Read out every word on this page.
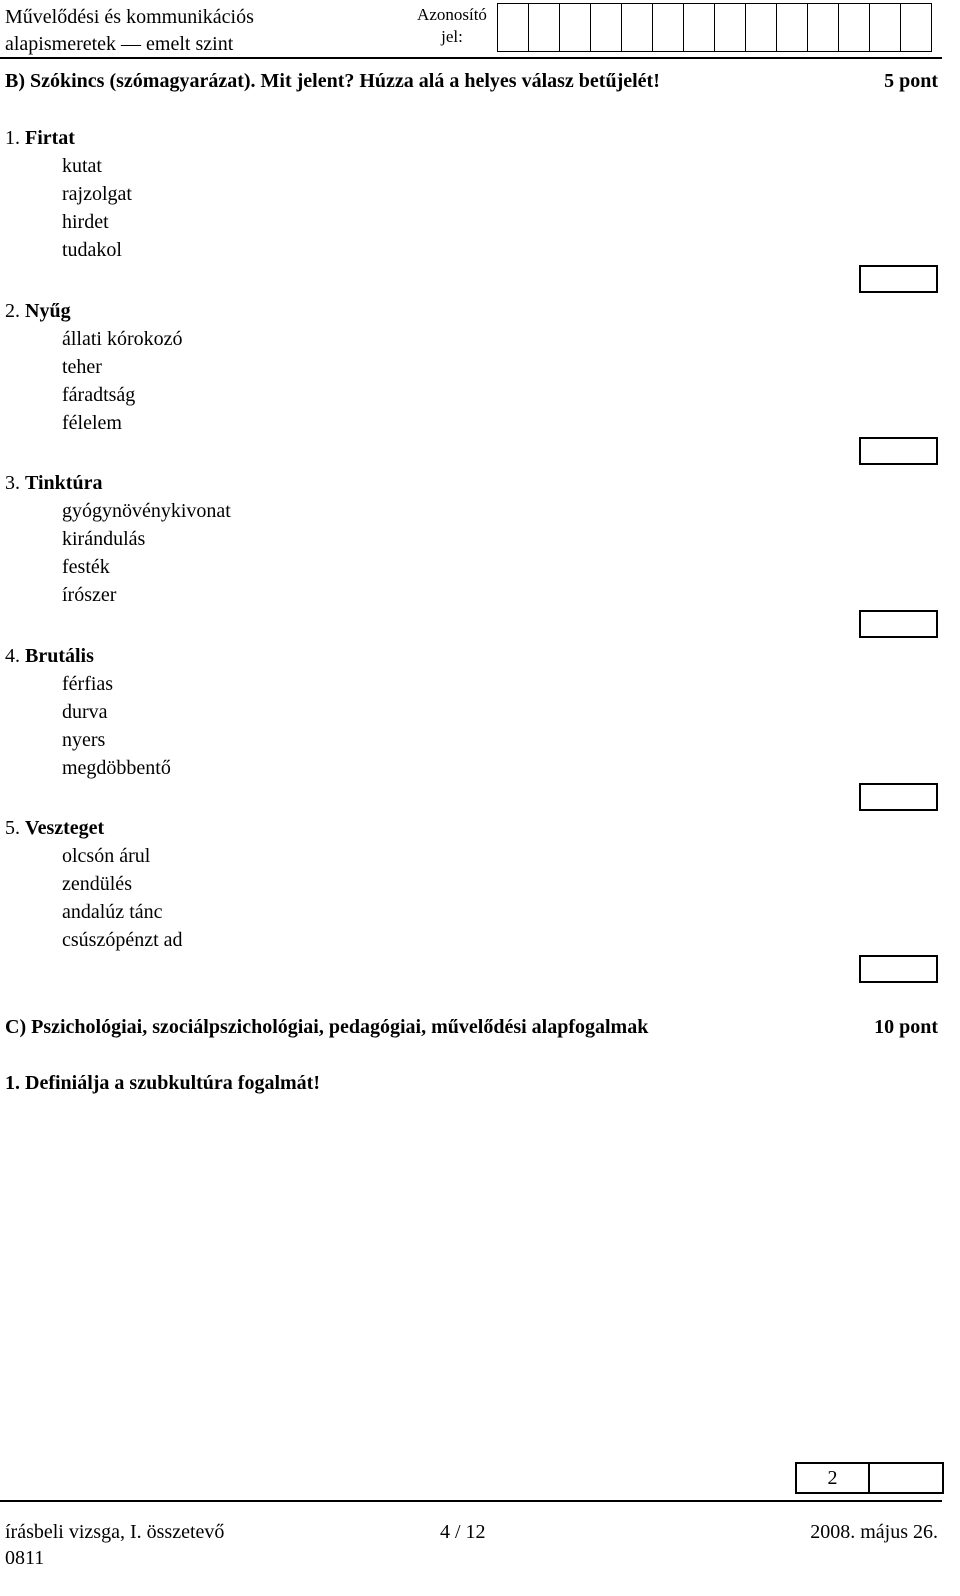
Művelődési és kommunikációs
alapismeretek — emelt szint
Azonosító
jel:
B) Szókincs (szómagyarázat). Mit jelent? Húzza alá a helyes válasz betűjelét!	5 pont
1. Firtat
kutat
rajzolgat
hirdet
tudakol
2. Nyűg
állati kórokozó
teher
fáradtság
félelem
3. Tinktúra
gyógynövénykivonat
kirándulás
festék
írószer
4. Brutális
férfias
durva
nyers
megdöbbentő
5. Veszteget
olcsón árul
zendülés
andalúz tánc
csúszópénzt ad
C) Pszichológiai, szociálpszichológiai, pedagógiai, művelődési alapfogalmak	10 pont
1. Definiálja a szubkultúra fogalmát!
2
írásbeli vizsga, I. összetevő
0811
4 / 12	2008. május 26.
